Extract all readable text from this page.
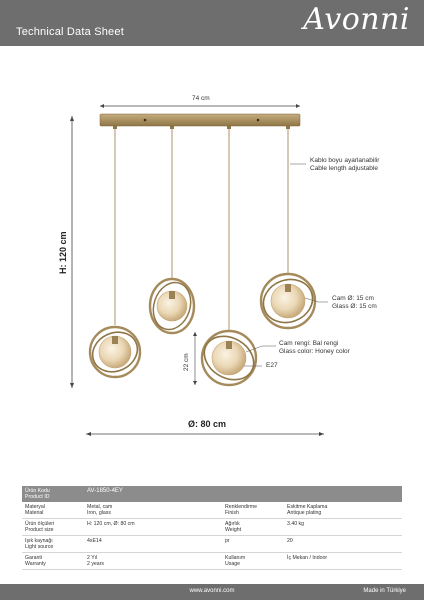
Technical Data Sheet	Avonni
74 cm
H: 120 cm
22 cm
Ø: 80 cm
Kablo boyu ayarlanabilir
Cable length adjustable
Cam Ø: 15 cm
Glass Ø: 15 cm
Cam rengi: Bal rengi
Glass color: Honey color
E27
Ürün Kodu
Product ID	AV-1850-4EY		

Materyal
Material	Metal, cam
Iron, glass	Renklendirme
Finish	Eskitme Kaplama
Antique plating

Ürün ölçüleri
Product size	H: 120 cm, Ø: 80 cm	Ağırlık
Weight	3.40 kg

Işık kaynağı
Light source	4xE14	pr	20

Garanti
Warranty	2 Yıl
2 years	Kullanım
Usage	İç Mekan / Indoor
www.avonni.com	Made in Türkiye
